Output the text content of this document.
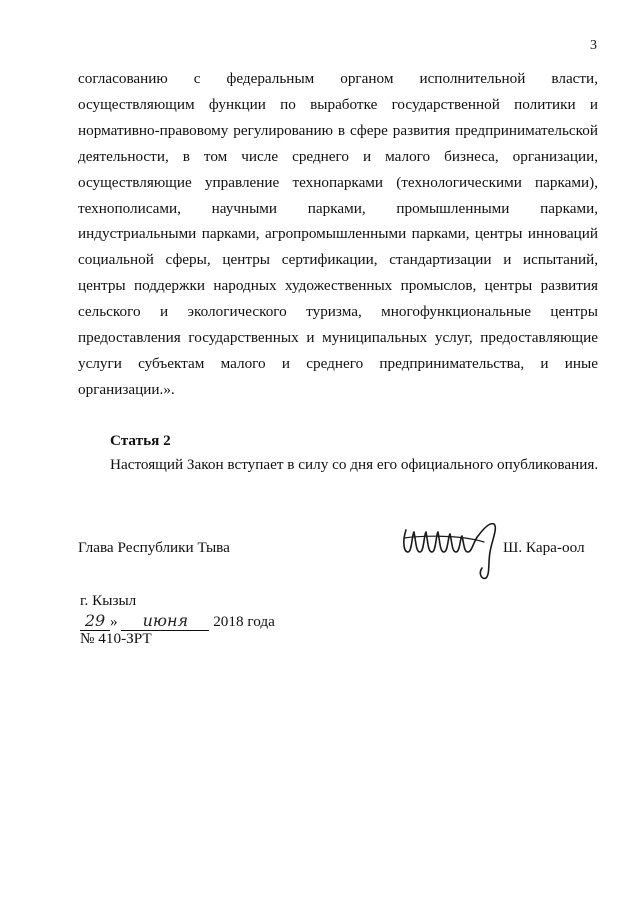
3
согласованию с федеральным органом исполнительной власти,
осуществляющим функции по выработке государственной политики и
нормативно-правовому регулированию в сфере развития предпринимательской
деятельности, в том числе среднего и малого бизнеса, организации,
осуществляющие управление технопарками (технологическими парками),
технополисами, научными парками, промышленными парками,
индустриальными парками, агропромышленными парками, центры инноваций
социальной сферы, центры сертификации, стандартизации и испытаний,
центры поддержки народных художественных промыслов, центры развития
сельского и экологического туризма, многофункциональные центры
предоставления государственных и муниципальных услуг, предоставляющие
услуги субъектам малого и среднего предпринимательства, и иные
организации.».
Статья 2
Настоящий Закон вступает в силу со дня его официального опубликования.
Глава Республики Тыва	Ш. Кара-оол
г. Кызыл
29 » июня 2018 года
№ 410-ЗРТ
